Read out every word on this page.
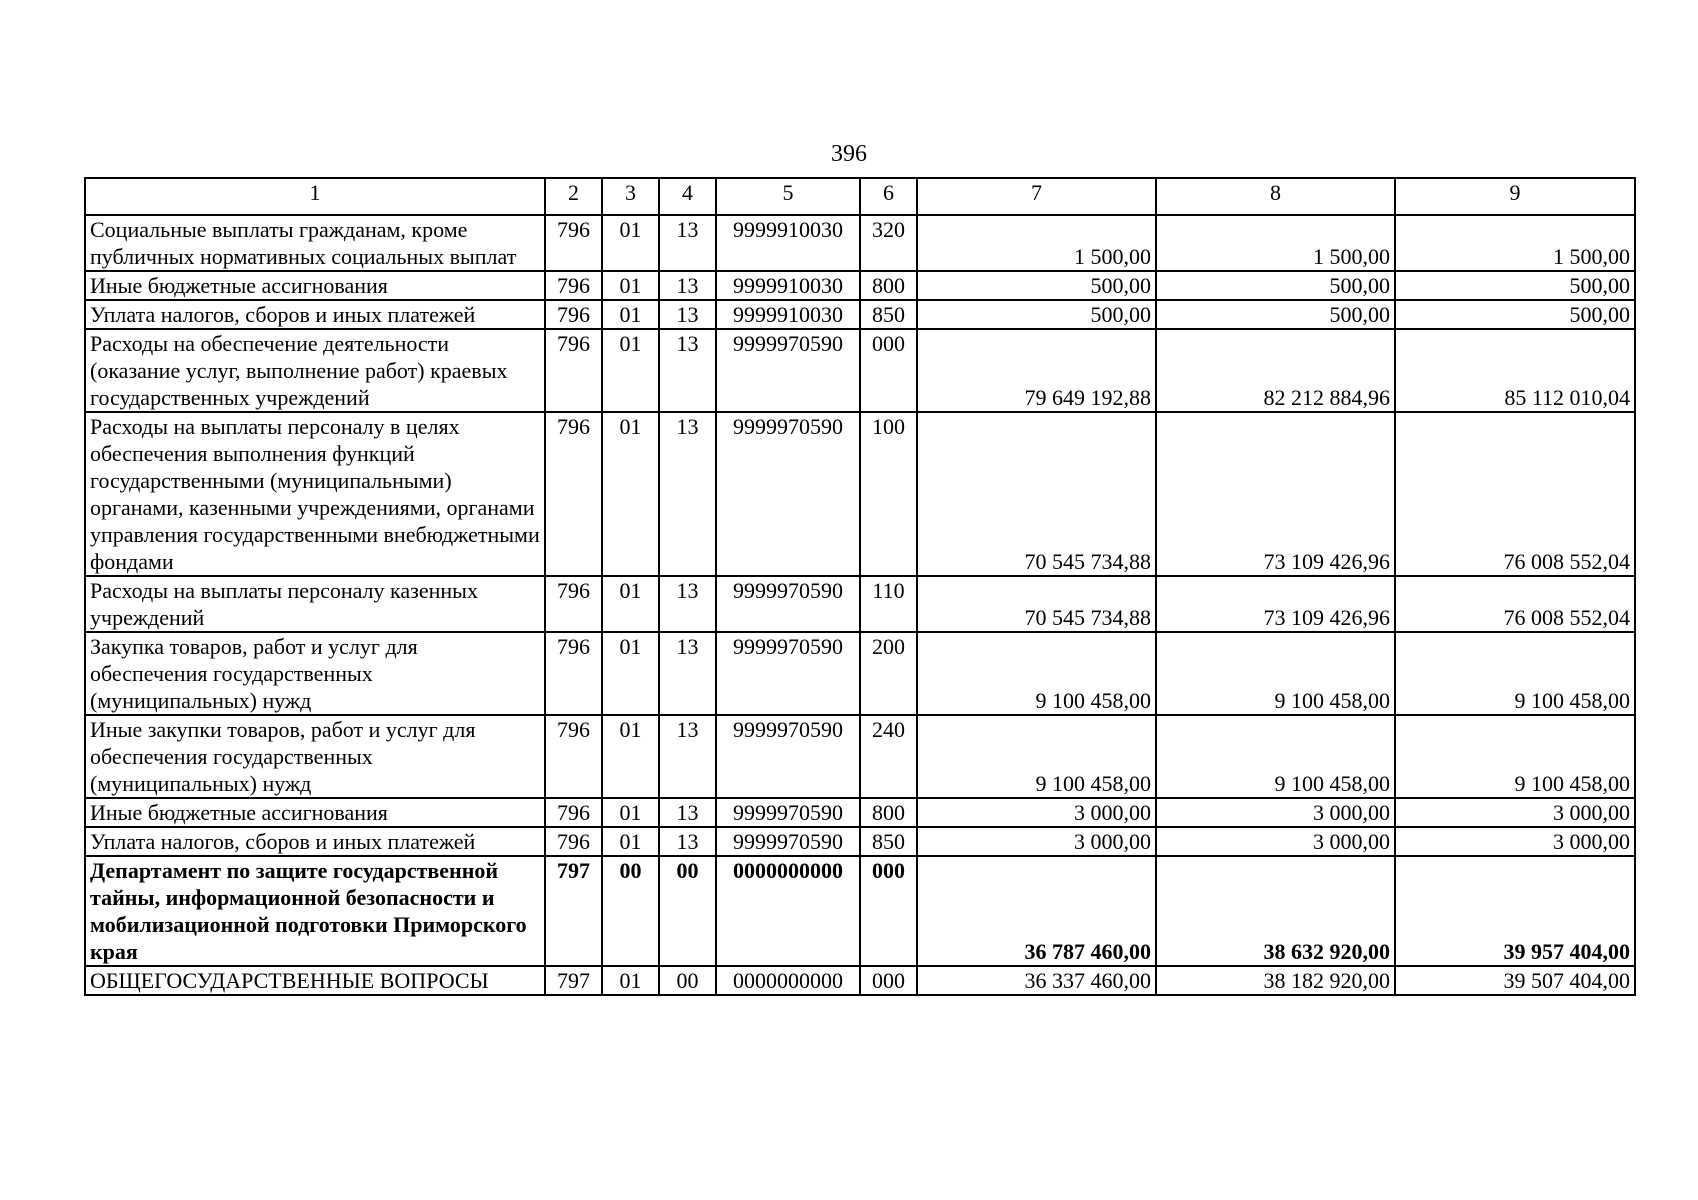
396
1	2	3	4	5	6	7	8	9
Социальные выплаты гражданам, кроме публичных нормативных социальных выплат	796	01	13	9999910030	320	1 500,00	1 500,00	1 500,00
Иные бюджетные ассигнования	796	01	13	9999910030	800	500,00	500,00	500,00
Уплата налогов, сборов и иных платежей	796	01	13	9999910030	850	500,00	500,00	500,00
Расходы на обеспечение деятельности (оказание услуг, выполнение работ) краевых государственных учреждений	796	01	13	9999970590	000	79 649 192,88	82 212 884,96	85 112 010,04
Расходы на выплаты персоналу в целях обеспечения выполнения функций государственными (муниципальными) органами, казенными учреждениями, органами управления государственными внебюджетными фондами	796	01	13	9999970590	100	70 545 734,88	73 109 426,96	76 008 552,04
Расходы на выплаты персоналу казенных учреждений	796	01	13	9999970590	110	70 545 734,88	73 109 426,96	76 008 552,04
Закупка товаров, работ и услуг для обеспечения государственных (муниципальных) нужд	796	01	13	9999970590	200	9 100 458,00	9 100 458,00	9 100 458,00
Иные закупки товаров, работ и услуг для обеспечения государственных (муниципальных) нужд	796	01	13	9999970590	240	9 100 458,00	9 100 458,00	9 100 458,00
Иные бюджетные ассигнования	796	01	13	9999970590	800	3 000,00	3 000,00	3 000,00
Уплата налогов, сборов и иных платежей	796	01	13	9999970590	850	3 000,00	3 000,00	3 000,00
Департамент по защите государственной тайны, информационной безопасности и мобилизационной подготовки Приморского края	797	00	00	0000000000	000	36 787 460,00	38 632 920,00	39 957 404,00
ОБЩЕГОСУДАРСТВЕННЫЕ ВОПРОСЫ	797	01	00	0000000000	000	36 337 460,00	38 182 920,00	39 507 404,00
